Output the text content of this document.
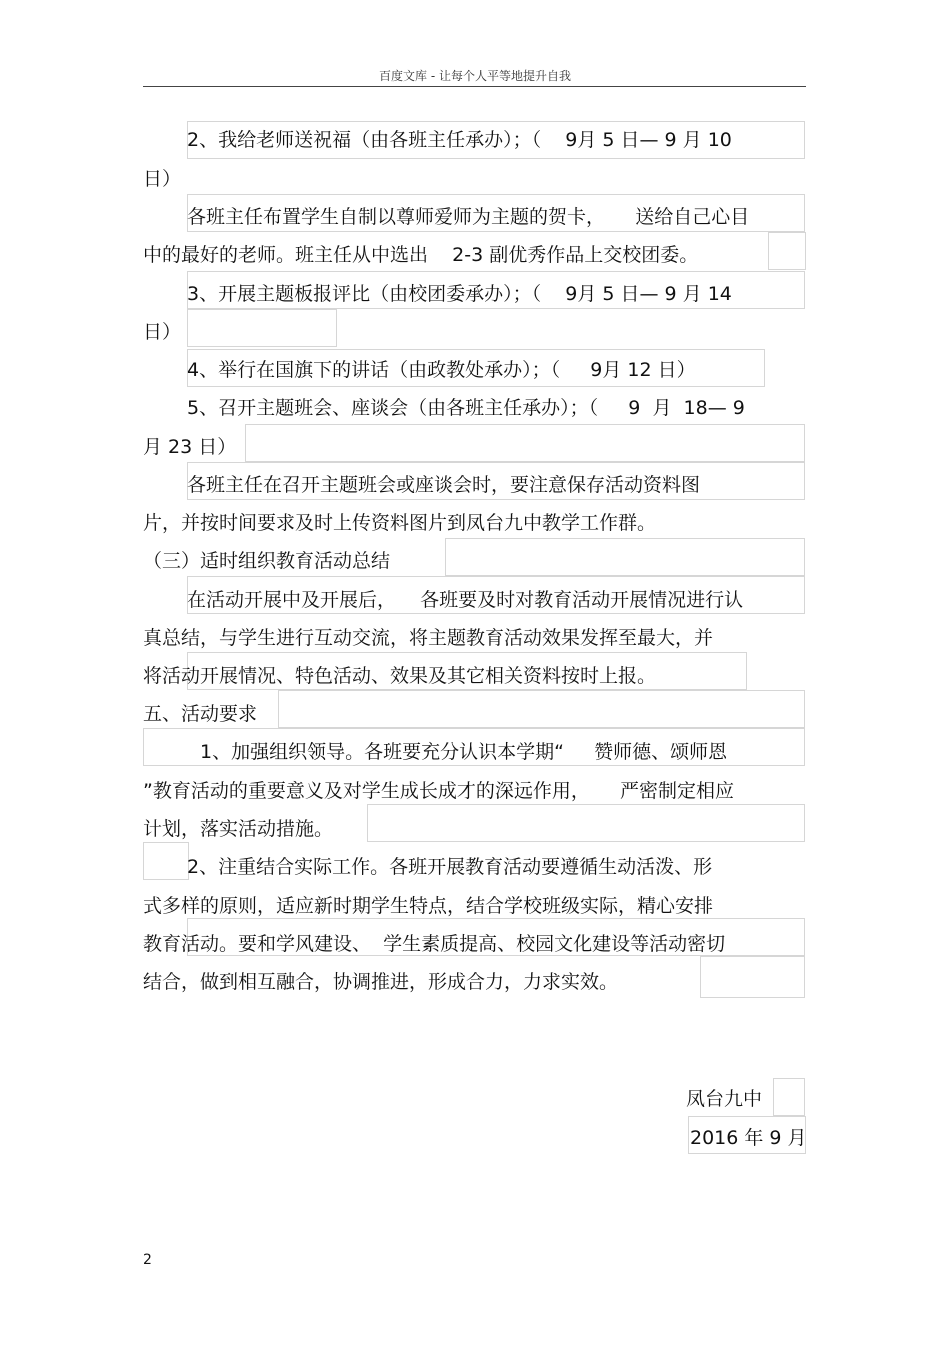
百度文库 - 让每个人平等地提升自我

2、我给老师送祝福（由各班主任承办）；（    9月 5 日— 9 月 10

日）

各班主任布置学生自制以尊师爱师为主题的贺卡，     送给自己心目

中的最好的老师。班主任从中选出    2-3 副优秀作品上交校团委。

3、开展主题板报评比（由校团委承办）；（    9月 5 日— 9 月 14

日）

4、举行在国旗下的讲话（由政教处承办）；（     9月 12 日）

5、召开主题班会、座谈会（由各班主任承办）；（     9  月  18— 9

月 23 日）

各班主任在召开主题班会或座谈会时，要注意保存活动资料图

片，并按时间要求及时上传资料图片到凤台九中教学工作群。

（三）适时组织教育活动总结

在活动开展中及开展后，    各班要及时对教育活动开展情况进行认

真总结，与学生进行互动交流，将主题教育活动效果发挥至最大，并

将活动开展情况、特色活动、效果及其它相关资料按时上报。

五、活动要求

1、加强组织领导。各班要充分认识本学期“     赞师德、颂师恩

”教育活动的重要意义及对学生成长成才的深远作用，     严密制定相应

计划，落实活动措施。

2、注重结合实际工作。各班开展教育活动要遵循生动活泼、形

式多样的原则，适应新时期学生特点，结合学校班级实际，精心安排

教育活动。要和学风建设、  学生素质提高、校园文化建设等活动密切

结合，做到相互融合，协调推进，形成合力，力求实效。

凤台九中

2016 年 9 月

2
